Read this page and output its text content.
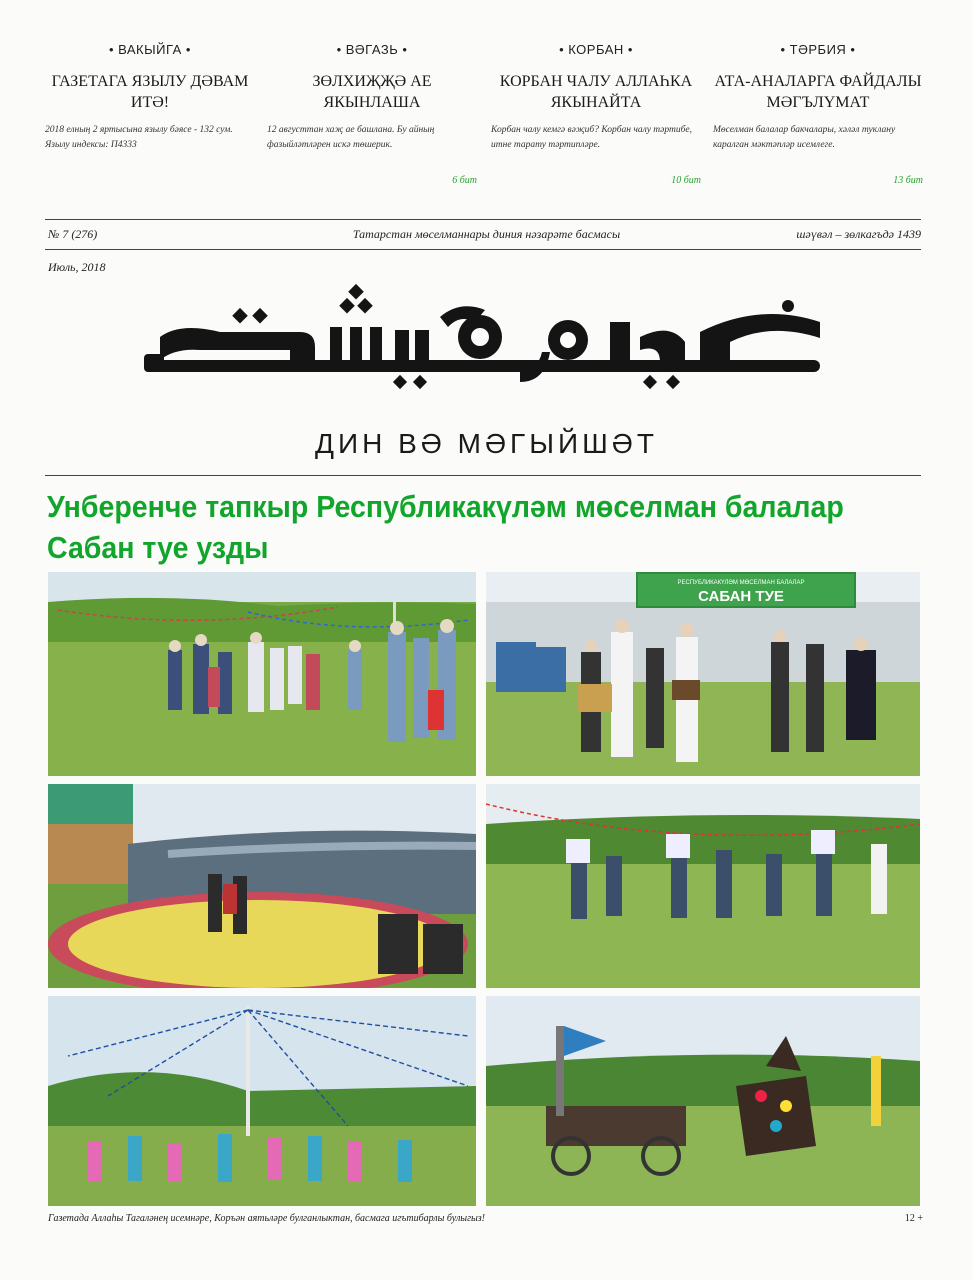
• ВАКЫЙГА •
ГАЗЕТАГА ЯЗЫЛУ ДӘВАМ ИТӘ!
2018 елның 2 яртысына язылу бәясе - 132 сум. Язылу индексы: П4333
• ВӘГАЗЬ •
ЗӨЛХИҖҖӘ АЕ ЯКЫНЛАША
12 августтан хаҗ ае башлана. Бу айның фазыйләтләрен искә төшерик.
6 бит
• КОРБАН •
КОРБАН ЧАЛУ АЛЛАҺКА ЯКЫНАЙТА
Корбан чалу кемгә вәҗиб? Корбан чалу тәртибе, итне тарату тәртипләре.
10 бит
• ТӘРБИЯ •
АТА-АНАЛАРГА ФАЙДАЛЫ МӘГЪЛҮМАТ
Мөселман балалар бакчалары, хәләл туклану каралган мәктәпләр исемлеге.
13 бит
№ 7 (276)	Татарстан мөселманнары диния нәзарәте басмасы	шәүвәл – зөлкагъдә 1439
Июль, 2018
ДИН ВӘ МӘГЫЙШӘТ
Унберенче тапкыр Республикакүләм мөселман балалар Сабан туе узды
РЕСПУБЛИКАКҮЛӘМ МӨСЕЛМАН БАЛАЛАР
САБАН ТУЕ
Газетада Аллаһы Тагаләнең исемнәре, Коръән аятьләре булганлыктан, басмага игътибарлы булыгыз!	12 +
